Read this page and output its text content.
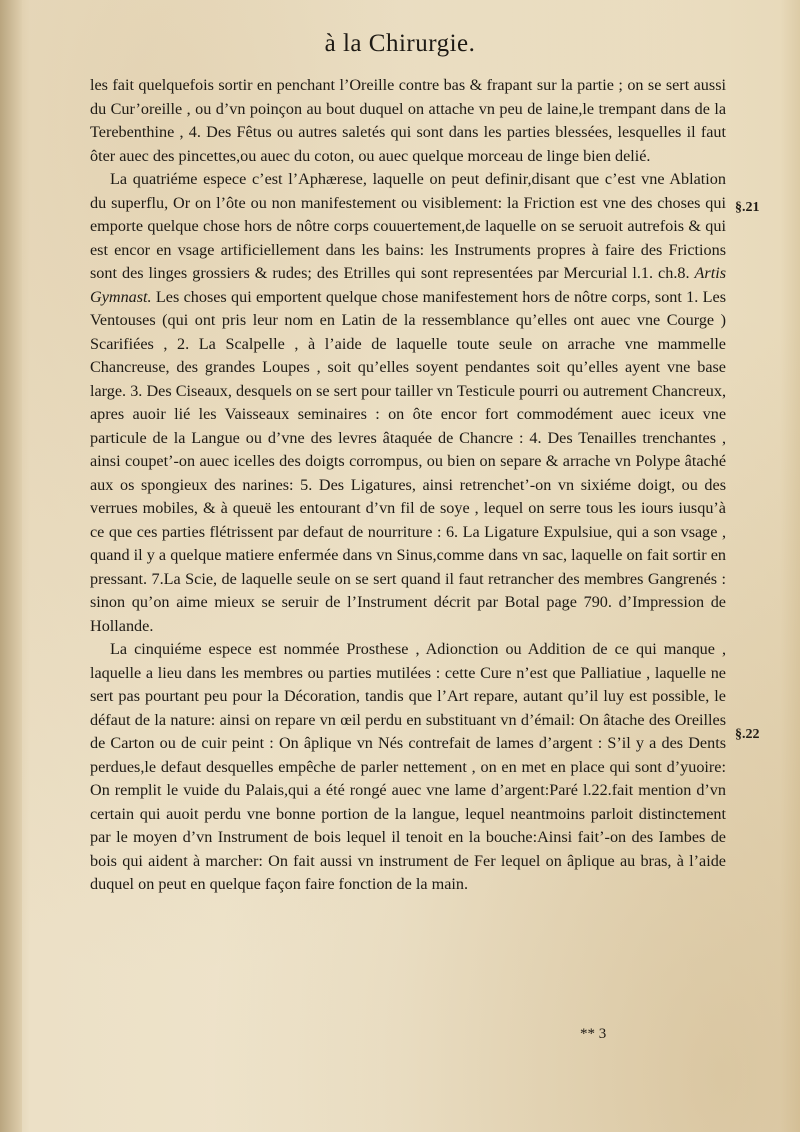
à la Chirurgie.

les fait quelquefois sortir en penchant l’Oreille contre bas & frapant sur la partie ; on se sert aussi du Cur’oreille , ou d’vn poinçon au bout duquel on attache vn peu de laine,le trempant dans de la Terebenthine , 4. Des Fêtus ou autres saletés qui sont dans les parties blessées, lesquelles il faut ôter auec des pincettes,ou auec du coton, ou auec quelque morceau de linge bien delié.

La quatriéme espece c’est l’Aphæresе, laquelle on peut definir,disant que c’est vne Ablation du superflu, Or on l’ôte ou non manifestement ou visiblement: la Friction est vne des choses qui emporte quelque chose hors de nôtre corps couuertement,de laquelle on se seruoit autrefois & qui est encor en vsage artificiellement dans les bains: les Instruments propres à faire des Frictions sont des linges grossiers & rudes; des Etrilles qui sont representées par Mercurial l.1. ch.8. Artis Gymnast. Les choses qui emportent quelque chose manifestement hors de nôtre corps, sont 1. Les Ventouses (qui ont pris leur nom en Latin de la ressemblance qu’elles ont auec vne Courge ) Scarifiées , 2. La Scalpelle , à l’aide de laquelle toute seule on arrache vne mammelle Chancreuse, des grandes Loupes , soit qu’elles soyent pendantes soit qu’elles ayent vne base large. 3. Des Ciseaux, desquels on se sert pour tailler vn Testicule pourri ou autrement Chancreux, apres auoir lié les Vaisseaux seminaires : on ôte encor fort commodément auec iceux vne particule de la Langue ou d’vne des levres âtaquée de Chancre : 4. Des Tenailles trenchantes , ainsi coupet’-on auec icelles des doigts corrompus, ou bien on separe & arrache vn Polype âtaché aux os spongieux des narines: 5. Des Ligatures, ainsi retrenchet’-on vn sixiéme doigt, ou des verrues mobiles, & à queuë les entourant d’vn fil de soye , lequel on serre tous les iours iusqu’à ce que ces parties flétrissent par defaut de nourriture : 6. La Ligature Expulsiue, qui a son vsage , quand il y a quelque matiere enfermée dans vn Sinus,comme dans vn sac, laquelle on fait sortir en pressant. 7.La Scie, de laquelle seule on se sert quand il faut retrancher des membres Gangrenés : sinon qu’on aime mieux se seruir de l’Instrument décrit par Botal page 790. d’Impression de Hollande.

La cinquiéme espece est nommée Prosthese , Adionction ou Addition de ce qui manque , laquelle a lieu dans les membres ou parties mutilées : cette Cure n’est que Palliatiue , laquelle ne sert pas pourtant peu pour la Décoration, tandis que l’Art repare, autant qu’il luy est possible, le défaut de la nature: ainsi on repare vn œil perdu en substituant vn d’émail: On âtache des Oreilles de Carton ou de cuir peint : On âplique vn Nés contrefait de lames d’argent : S’il y a des Dents perdues,le defaut desquelles empêche de parler nettement , on en met en place qui sont d’yuoire: On remplit le vuide du Palais,qui a été rongé auec vne lame d’argent:Paré l.22.fait mention d’vn certain qui auoit perdu vne bonne portion de la langue, lequel neantmoins parloit distinctement par le moyen d’vn Instrument de bois lequel il tenoit en la bouche:Ainsi fait’-on des Iambes de bois qui aident à marcher: On fait aussi vn instrument de Fer lequel on âplique au bras, à l’aide duquel on peut en quelque façon faire fonction de la main.

§.21
§.22
** 3
